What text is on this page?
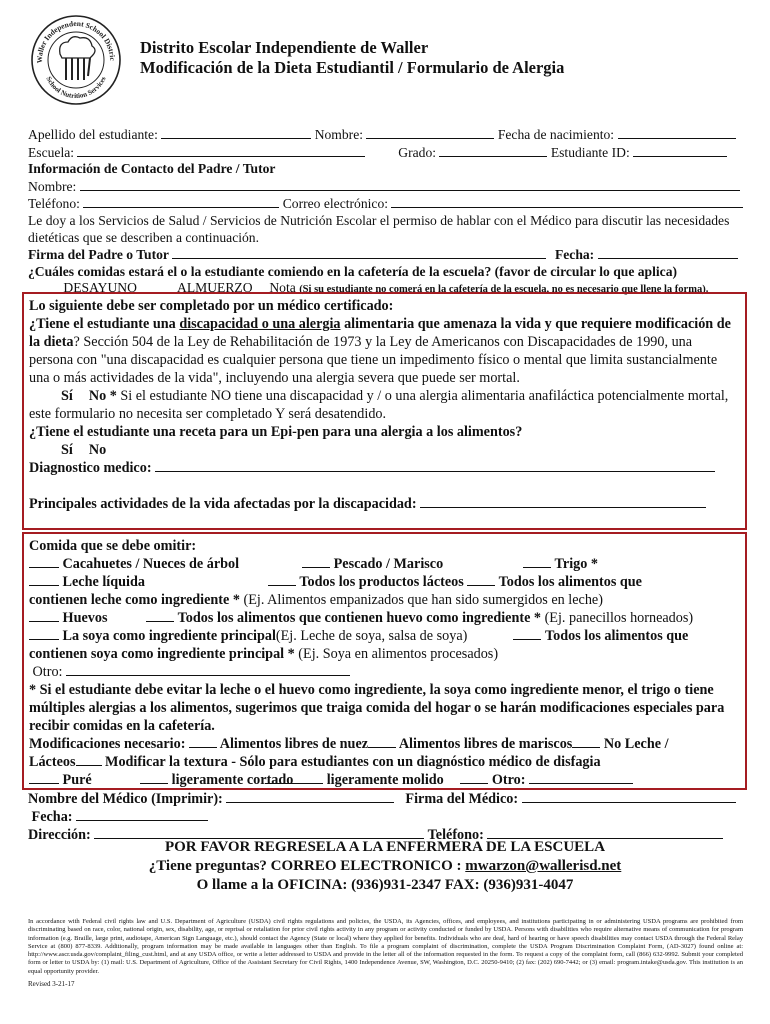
Waller Independent School Distric
School Nutrition Services
Distrito Escolar Independiente de Waller
Modificación de la Dieta Estudiantil / Formulario de Alergia
Apellido del estudiante:	Nombre:	Fecha de nacimiento:
Escuela:	Grado:	Estudiante ID:
Información de Contacto del Padre / Tutor
Nombre:
Teléfono:	Correo electrónico:
Le doy a los Servicios de Salud / Servicios de Nutrición Escolar el permiso de hablar con el Médico para discutir las necesidades dietéticas que se describen a continuación.
Firma del Padre o Tutor	Fecha:
¿Cuáles comidas estará el o la estudiante comiendo en la cafetería de la escuela? (favor de circular lo que aplica)
DESAYUNO	ALMUERZO Nota (Si su estudiante no comerá en la cafetería de la escuela, no es necesario que llene la forma).
Lo siguiente debe ser completado por un médico certificado:
¿Tiene el estudiante una discapacidad o una alergia alimentaria que amenaza la vida y que requiere modificación de la dieta? Sección 504 de la Ley de Rehabilitación de 1973 y la Ley de Americanos con Discapacidades de 1990, una persona con "una discapacidad es cualquier persona que tiene un impedimento físico o mental que limita sustancialmente una o más actividades de la vida", incluyendo una alergia severa que puede ser mortal.
Sí No * Si el estudiante NO tiene una discapacidad y / o una alergia alimentaria anafiláctica potencialmente mortal, este formulario no necesita ser completado Y será desatendido.
¿Tiene el estudiante una receta para un Epi-pen para una alergia a los alimentos?
Sí No
Diagnostico medico:
Principales actividades de la vida afectadas por la discapacidad:
Comida que se debe omitir:
Cacahuetes / Nueces de árbol	Pescado / Marisco	Trigo *
Leche líquida	Todos los productos lácteos Todos los alimentos que
contienen leche como ingrediente * (Ej. Alimentos empanizados que han sido sumergidos en leche)
Huevos	Todos los alimentos que contienen huevo como ingrediente * (Ej. panecillos horneados)
La soya como ingrediente principal(Ej. Leche de soya, salsa de soya)	Todos los alimentos que
contienen soya como ingrediente principal * (Ej. Soya en alimentos procesados)
Otro:
* Si el estudiante debe evitar la leche o el huevo como ingrediente, la soya como ingrediente menor, el trigo o tiene múltiples alergias a los alimentos, sugerimos que traiga comida del hogar o se harán modificaciones especiales para recibir comidas en la cafetería.
Modificaciones necesario: Alimentos libres de nuez Alimentos libres de mariscos No Leche /
Lácteos Modificar la textura - Sólo para estudiantes con un diagnóstico médico de disfagia
Puré	ligeramente cortado ligeramente molido	Otro:
Nombre del Médico (Imprimir):	Firma del Médico:
Fecha:
Dirección:	Teléfono:
POR FAVOR REGRESELA A LA ENFERMERA DE LA ESCUELA
¿Tiene preguntas? CORREO ELECTRONICO : mwarzon@wallerisd.net
O llame a la OFICINA: (936)931-2347 FAX: (936)931-4047
In accordance with Federal civil rights law and U.S. Department of Agriculture (USDA) civil rights regulations and policies, the USDA, its Agencies, offices, and employees, and institutions participating in or administering USDA programs are prohibited from discriminating based on race, color, national origin, sex, disability, age, or reprisal or retaliation for prior civil rights activity in any program or activity conducted or funded by USDA. Persons with disabilities who require alternative means of communication for program information (e.g. Braille, large print, audiotape, American Sign Language, etc.), should contact the Agency (State or local) where they applied for benefits. Individuals who are deaf, hard of hearing or have speech disabilities may contact USDA through the Federal Relay Service at (800) 877-8339. Additionally, program information may be made available in languages other than English. To file a program complaint of discrimination, complete the USDA Program Discrimination Complaint Form, (AD-3027) found online at: http://www.ascr.usda.gov/complaint_filing_cust.html, and at any USDA office, or write a letter addressed to USDA and provide in the letter all of the information requested in the form. To request a copy of the complaint form, call (866) 632-9992. Submit your completed form or letter to USDA by: (1) mail: U.S. Department of Agriculture, Office of the Assistant Secretary for Civil Rights, 1400 Independence Avenue, SW, Washington, D.C. 20250-9410; (2) fax: (202) 690-7442; or (3) email: program.intake@usda.gov. This institution is an equal opportunity provider.
Revised 3-21-17
